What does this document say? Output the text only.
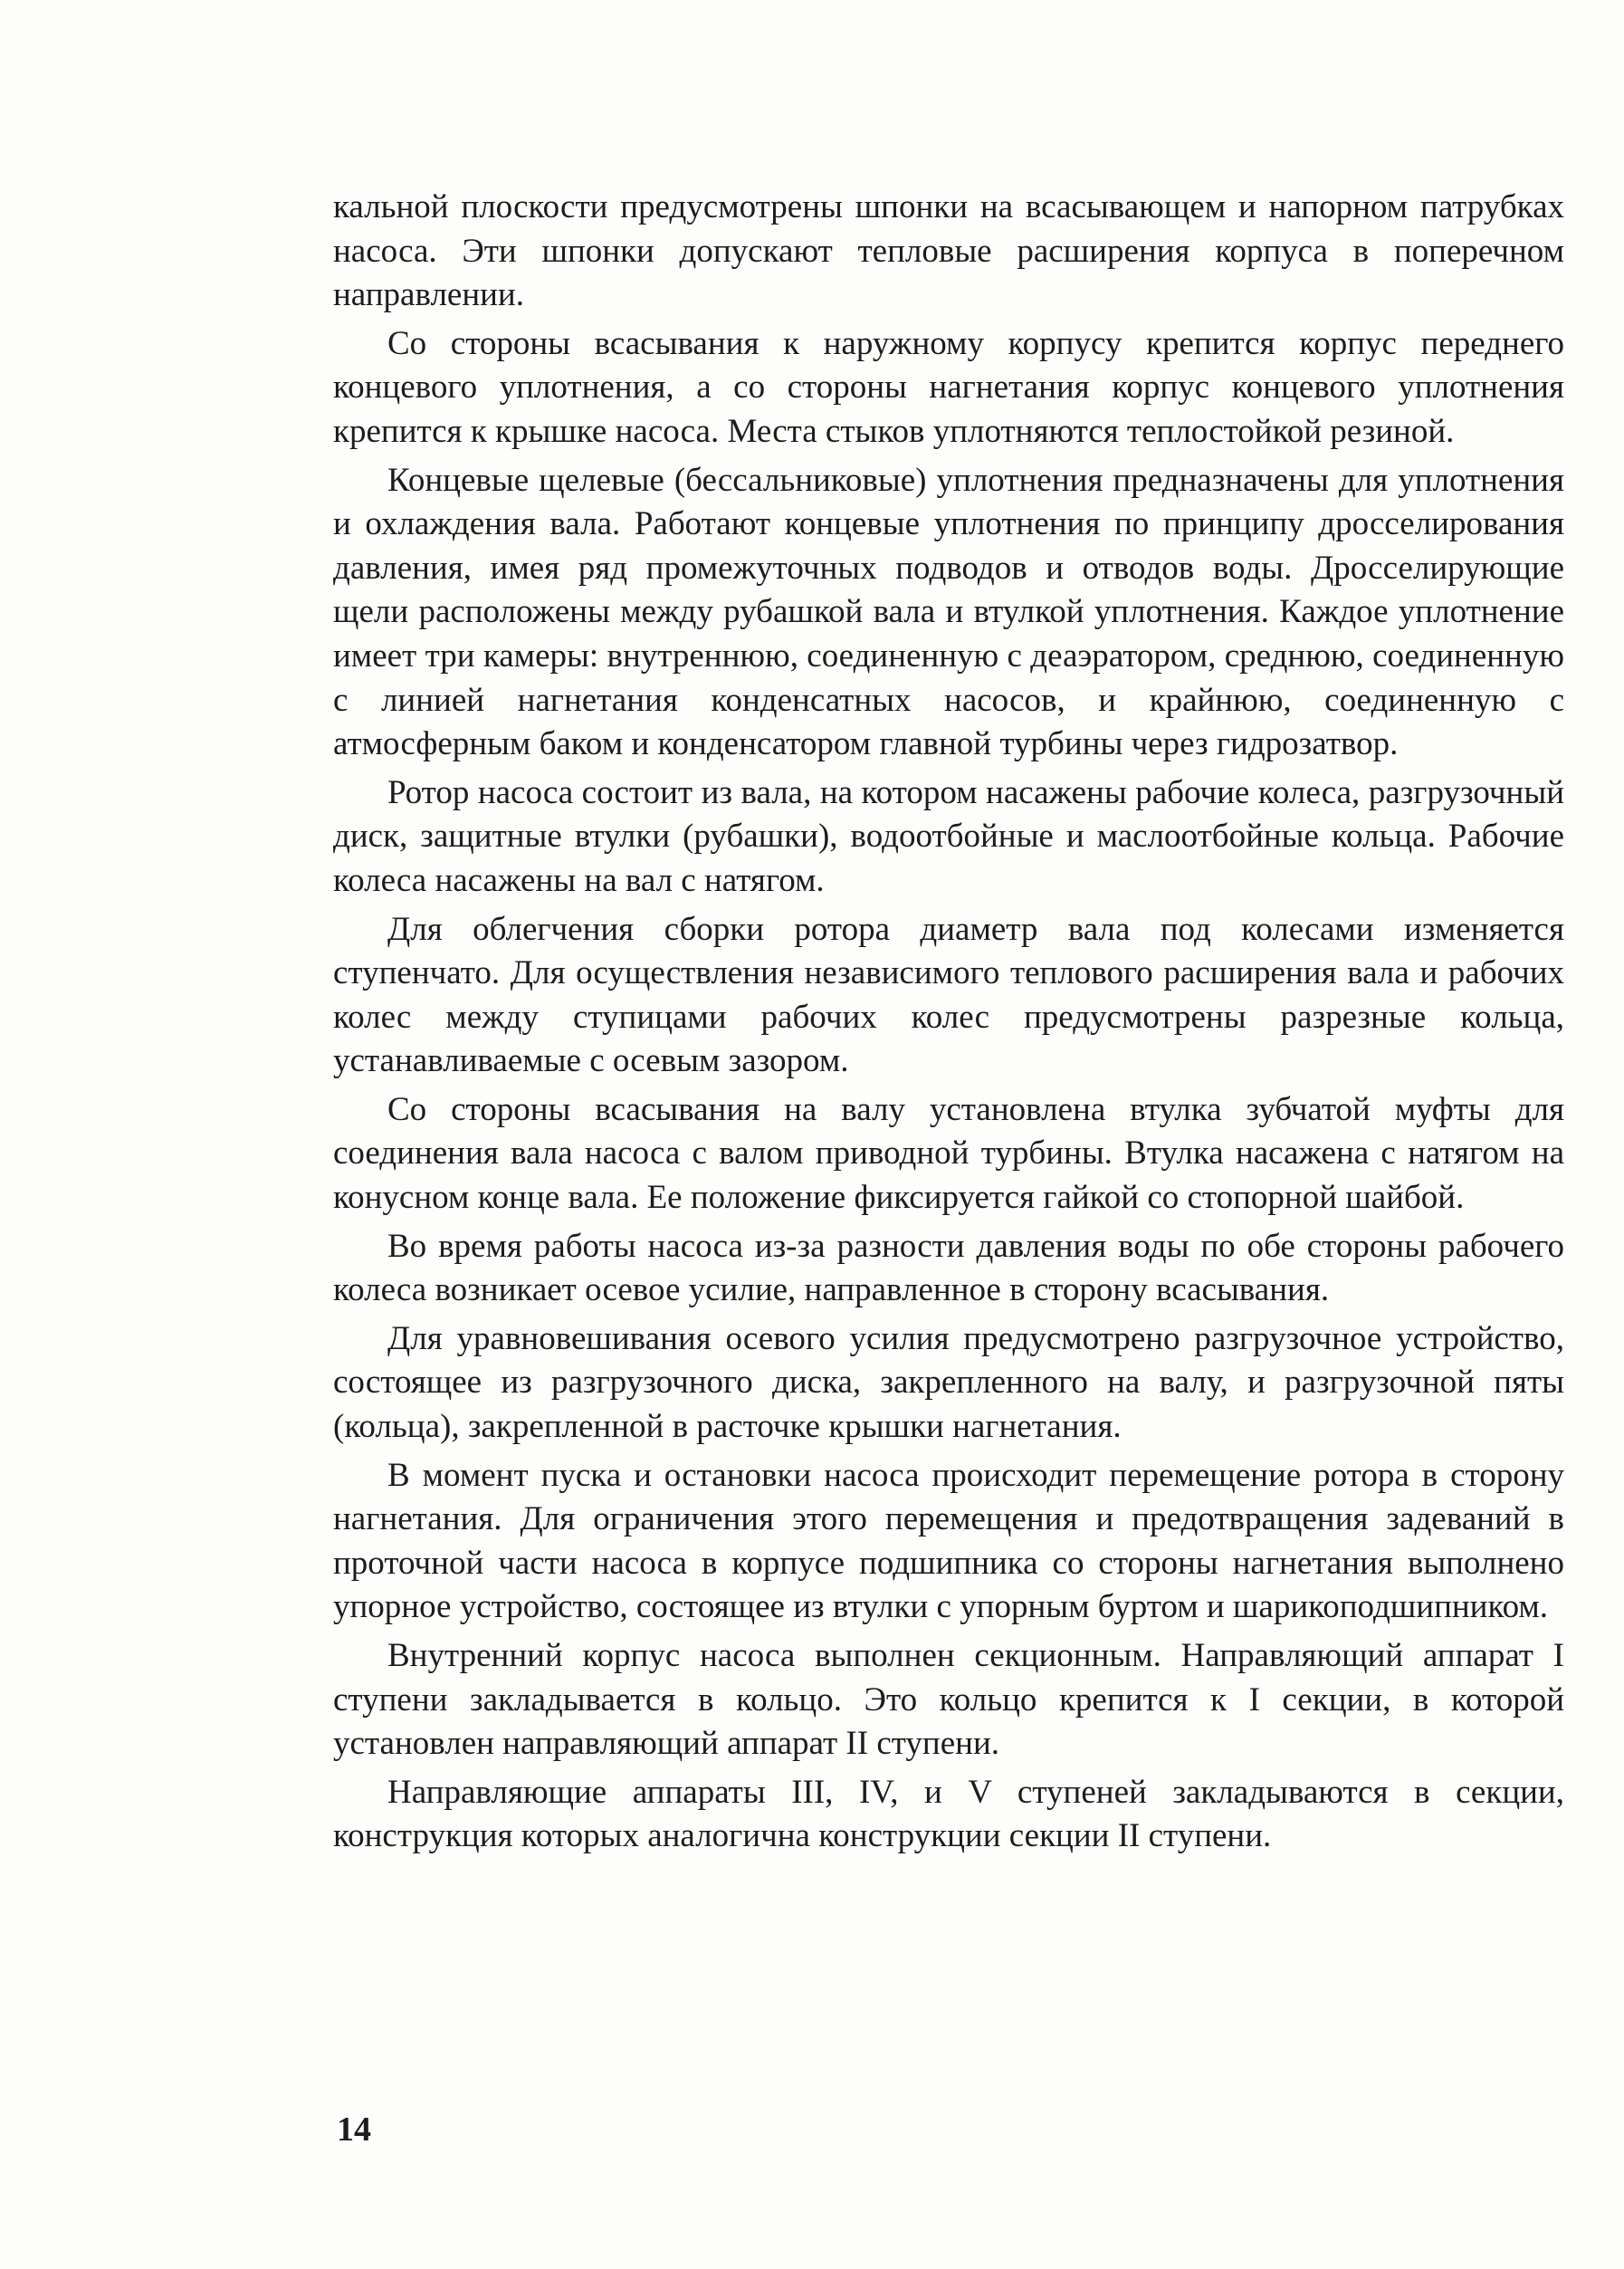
кальной плоскости предусмотрены шпонки на всасывающем и напорном патрубках насоса. Эти шпонки допускают тепловые расширения корпуса в поперечном направлении.

Со стороны всасывания к наружному корпусу крепится корпус переднего концевого уплотнения, а со стороны нагнетания корпус концевого уплотнения крепится к крышке насоса. Места стыков уплотняются теплостойкой резиной.

Концевые щелевые (бессальниковые) уплотнения предназначены для уплотнения и охлаждения вала. Работают концевые уплотнения по принципу дросселирования давления, имея ряд промежуточных подводов и отводов воды. Дросселирующие щели расположены между рубашкой вала и втулкой уплотнения. Каждое уплотнение имеет три камеры: внутреннюю, соединенную с деаэратором, среднюю, соединенную с линией нагнетания конденсатных насосов, и крайнюю, соединенную с атмосферным баком и конденсатором главной турбины через гидрозатвор.

Ротор насоса состоит из вала, на котором насажены рабочие колеса, разгрузочный диск, защитные втулки (рубашки), водоотбойные и маслоотбойные кольца. Рабочие колеса насажены на вал с натягом.

Для облегчения сборки ротора диаметр вала под колесами изменяется ступенчато. Для осуществления независимого теплового расширения вала и рабочих колес между ступицами рабочих колес предусмотрены разрезные кольца, устанавливаемые с осевым зазором.

Со стороны всасывания на валу установлена втулка зубчатой муфты для соединения вала насоса с валом приводной турбины. Втулка насажена с натягом на конусном конце вала. Ее положение фиксируется гайкой со стопорной шайбой.

Во время работы насоса из-за разности давления воды по обе стороны рабочего колеса возникает осевое усилие, направленное в сторону всасывания.

Для уравновешивания осевого усилия предусмотрено разгрузочное устройство, состоящее из разгрузочного диска, закрепленного на валу, и разгрузочной пяты (кольца), закрепленной в расточке крышки нагнетания.

В момент пуска и остановки насоса происходит перемещение ротора в сторону нагнетания. Для ограничения этого перемещения и предотвращения задеваний в проточной части насоса в корпусе подшипника со стороны нагнетания выполнено упорное устройство, состоящее из втулки с упорным буртом и шарикоподшипником.

Внутренний корпус насоса выполнен секционным. Направляющий аппарат I ступени закладывается в кольцо. Это кольцо крепится к I секции, в которой установлен направляющий аппарат II ступени.

Направляющие аппараты III, IV, и V ступеней закладываются в секции, конструкция которых аналогична конструкции секции II ступени.

14
